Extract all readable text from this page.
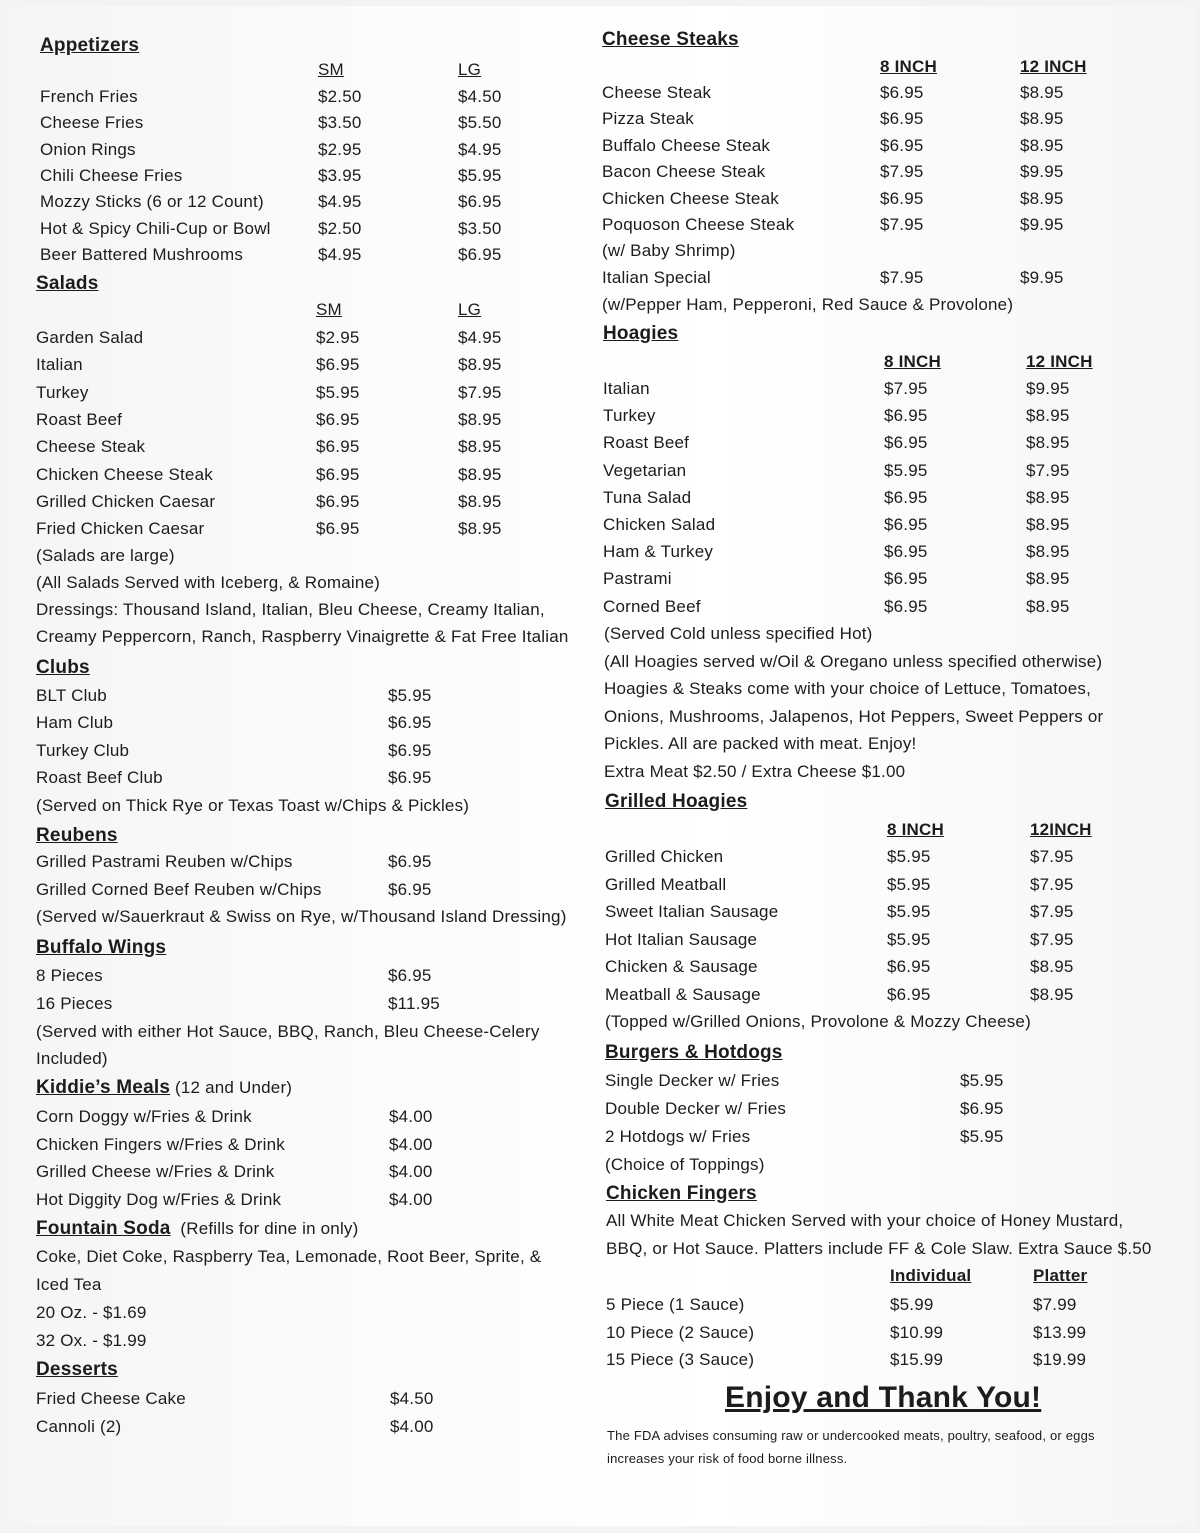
Appetizers
SM	LG
French Fries	$2.50	$4.50
Cheese Fries	$3.50	$5.50
Onion Rings	$2.95	$4.95
Chili Cheese Fries	$3.95	$5.95
Mozzy Sticks (6 or 12 Count)	$4.95	$6.95
Hot & Spicy Chili-Cup or Bowl	$2.50	$3.50
Beer Battered Mushrooms	$4.95	$6.95
Salads
SM	LG
Garden Salad	$2.95	$4.95
Italian	$6.95	$8.95
Turkey	$5.95	$7.95
Roast Beef	$6.95	$8.95
Cheese Steak	$6.95	$8.95
Chicken Cheese Steak	$6.95	$8.95
Grilled Chicken Caesar	$6.95	$8.95
Fried Chicken Caesar	$6.95	$8.95
(Salads are large)
(All Salads Served with Iceberg, & Romaine)
Dressings: Thousand Island, Italian, Bleu Cheese, Creamy Italian,
Creamy Peppercorn, Ranch, Raspberry Vinaigrette & Fat Free Italian
Clubs
BLT Club	$5.95
Ham Club	$6.95
Turkey Club	$6.95
Roast Beef Club	$6.95
(Served on Thick Rye or Texas Toast w/Chips & Pickles)
Reubens
Grilled Pastrami Reuben w/Chips	$6.95
Grilled Corned Beef Reuben w/Chips	$6.95
(Served w/Sauerkraut & Swiss on Rye, w/Thousand Island Dressing)
Buffalo Wings
8 Pieces	$6.95
16 Pieces	$11.95
(Served with either Hot Sauce, BBQ, Ranch, Bleu Cheese-Celery
Included)
Kiddie’s Meals (12 and Under)
Corn Doggy w/Fries & Drink	$4.00
Chicken Fingers w/Fries & Drink	$4.00
Grilled Cheese w/Fries & Drink	$4.00
Hot Diggity Dog w/Fries & Drink	$4.00
Fountain Soda  (Refills for dine in only)
Coke, Diet Coke, Raspberry Tea, Lemonade, Root Beer, Sprite, &
Iced Tea
20 Oz. - $1.69
32 Ox. - $1.99
Desserts
Fried Cheese Cake	$4.50
Cannoli (2)	$4.00
Cheese Steaks
8 INCH	12 INCH
Cheese Steak	$6.95	$8.95
Pizza Steak	$6.95	$8.95
Buffalo Cheese Steak	$6.95	$8.95
Bacon Cheese Steak	$7.95	$9.95
Chicken Cheese Steak	$6.95	$8.95
Poquoson Cheese Steak	$7.95	$9.95
(w/ Baby Shrimp)
Italian Special	$7.95	$9.95
(w/Pepper Ham, Pepperoni, Red Sauce & Provolone)
Hoagies
8 INCH	12 INCH
Italian	$7.95	$9.95
Turkey	$6.95	$8.95
Roast Beef	$6.95	$8.95
Vegetarian	$5.95	$7.95
Tuna Salad	$6.95	$8.95
Chicken Salad	$6.95	$8.95
Ham & Turkey	$6.95	$8.95
Pastrami	$6.95	$8.95
Corned Beef	$6.95	$8.95
(Served Cold unless specified Hot)
(All Hoagies served w/Oil & Oregano unless specified otherwise)
Hoagies & Steaks come with your choice of Lettuce, Tomatoes,
Onions, Mushrooms, Jalapenos, Hot Peppers, Sweet Peppers or
Pickles. All are packed with meat. Enjoy!
Extra Meat $2.50 / Extra Cheese $1.00
Grilled Hoagies
8 INCH	12INCH
Grilled Chicken	$5.95	$7.95
Grilled Meatball	$5.95	$7.95
Sweet Italian Sausage	$5.95	$7.95
Hot Italian Sausage	$5.95	$7.95
Chicken & Sausage	$6.95	$8.95
Meatball & Sausage	$6.95	$8.95
(Topped w/Grilled Onions, Provolone & Mozzy Cheese)
Burgers & Hotdogs
Single Decker w/ Fries	$5.95
Double Decker w/ Fries	$6.95
2 Hotdogs w/ Fries	$5.95
(Choice of Toppings)
Chicken Fingers
All White Meat Chicken Served with your choice of Honey Mustard,
BBQ, or Hot Sauce. Platters include FF & Cole Slaw. Extra Sauce $.50
Individual	Platter
5 Piece (1 Sauce)	$5.99	$7.99
10 Piece (2 Sauce)	$10.99	$13.99
15 Piece (3 Sauce)	$15.99	$19.99
Enjoy and Thank You!
The FDA advises consuming raw or undercooked meats, poultry, seafood, or eggs
increases your risk of food borne illness.
